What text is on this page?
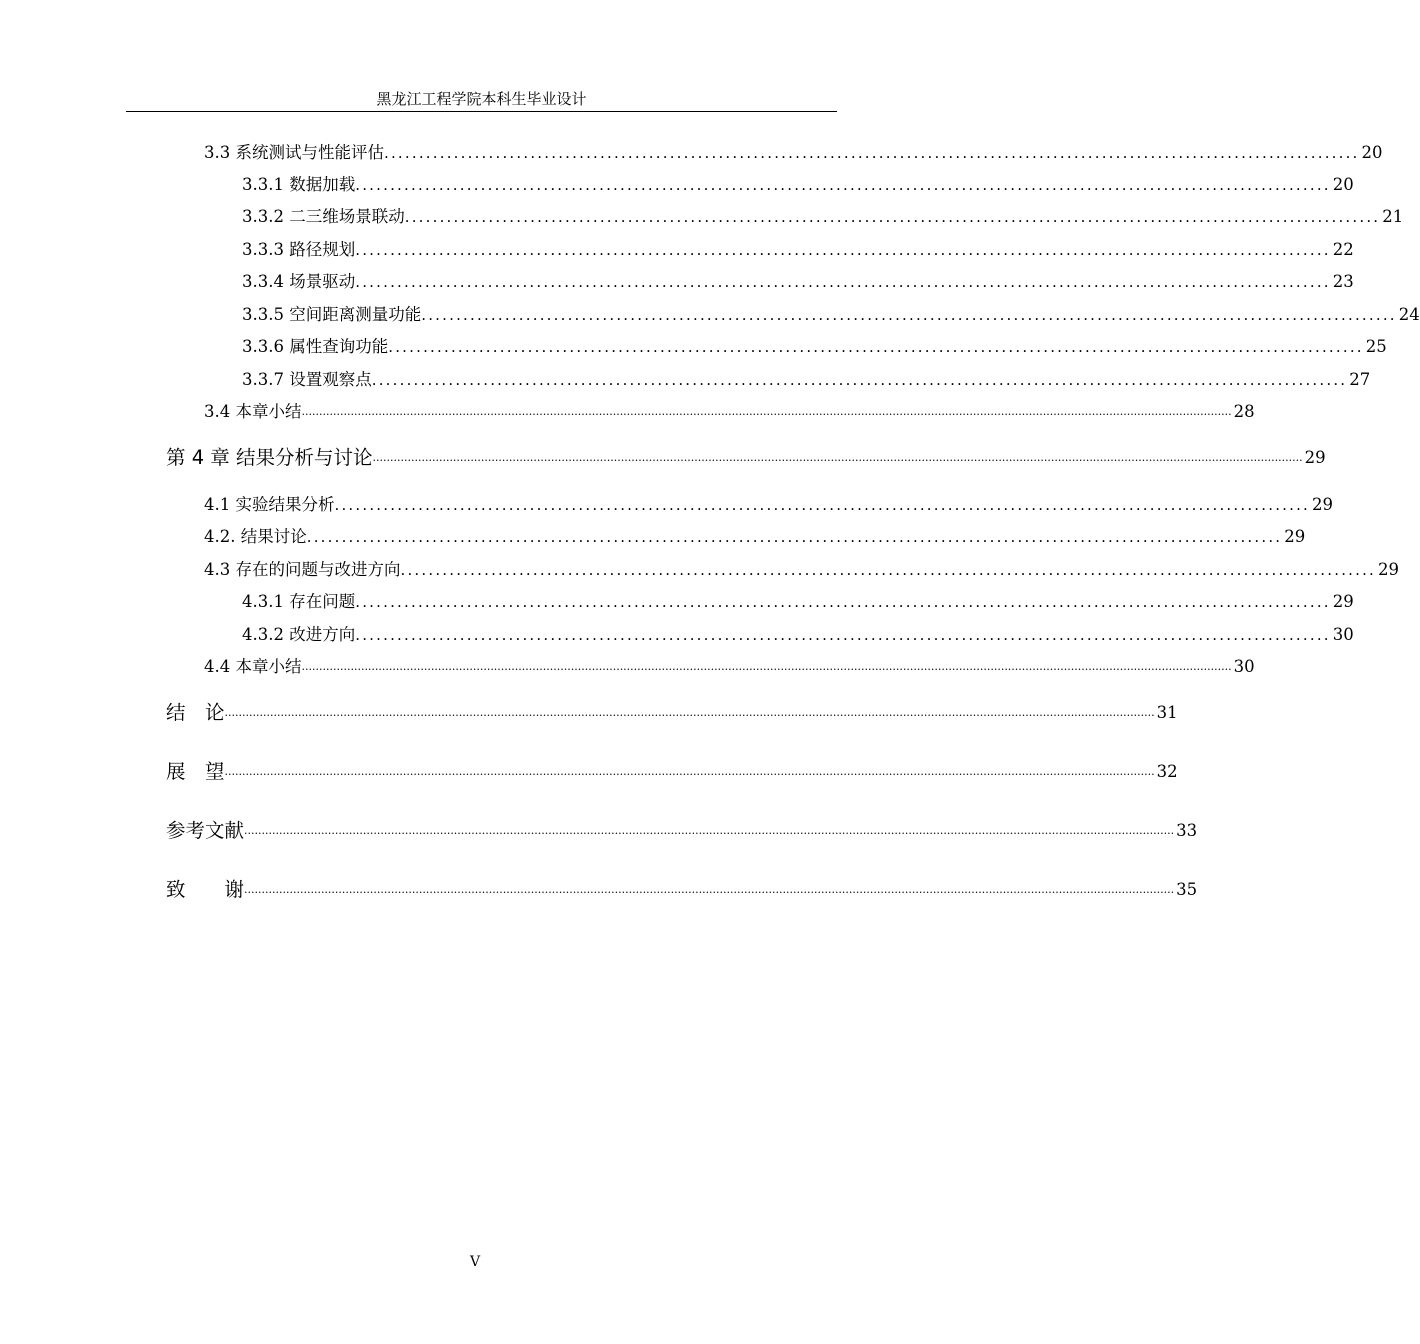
黑龙江工程学院本科生毕业设计
3.3 系统测试与性能评估 ............................................................................................................................................ 20
3.3.1 数据加载 ............................................................................................................................................ 20
3.3.2 二三维场景联动 ............................................................................................................................................ 21
3.3.3 路径规划 ............................................................................................................................................ 22
3.3.4 场景驱动 ............................................................................................................................................ 23
3.3.5 空间距离测量功能 ............................................................................................................................................ 24
3.3.6 属性查询功能 ............................................................................................................................................ 25
3.3.7 设置观察点 ............................................................................................................................................ 27
3.4 本章小结 .......................................................................................................................................................................................................................................................................... 28
第 4 章 结果分析与讨论 .......................................................................................................................................................................................................................................................................... 29
4.1 实验结果分析 ............................................................................................................................................ 29
4.2. 结果讨论 ............................................................................................................................................ 29
4.3 存在的问题与改进方向 ............................................................................................................................................ 29
4.3.1 存在问题 ............................................................................................................................................ 29
4.3.2 改进方向 ............................................................................................................................................ 30
4.4 本章小结 .......................................................................................................................................................................................................................................................................... 30
结　论 .......................................................................................................................................................................................................................................................................... 31
展　望 .......................................................................................................................................................................................................................................................................... 32
参考文献 .......................................................................................................................................................................................................................................................................... 33
致　　谢 .......................................................................................................................................................................................................................................................................... 35
V
